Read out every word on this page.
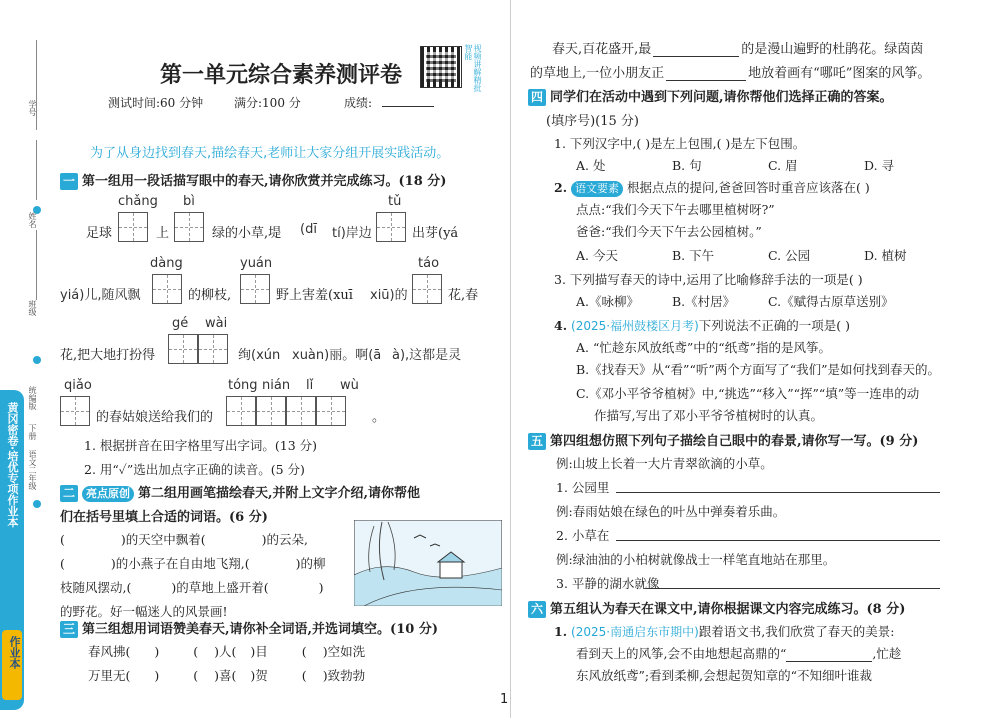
学号
姓名
班级
统编版
下册
语文二年级
黄冈密卷·培优专项作业本
作业本
第一单元综合素养测评卷	视频讲解精批智能
测试时间:60 分钟	满分:100 分	成绩:
为了从身边找到春天,描绘春天,老师让大家分组开展实践活动。
一 第一组用一段话描写眼中的春天,请你欣赏并完成练习。(18 分)
chǎng bì	tǔ
足球	上	绿的小草,堤 (dī tí)岸边	出芽(yá
dàng	yuán	táo
yiá)儿,随风飘	的柳枝,	野上害羞(xuī xiū)的	花,春
gé wài
花,把大地打扮得	绚(xún xuàn)丽。啊(ā à),这都是灵
qiǎo	tóng nián lǐ wù
的春姑娘送给我们的	。
1. 根据拼音在田字格里写出字词。(13 分)
2. 用“✓”选出加点字正确的读音。(5 分)
二 亮点原创 第二组用画笔描绘春天,并附上文字介绍,请你帮他
们在括号里填上合适的词语。(6 分)
(	)的天空中飘着(	)的云朵,
(	)的小燕子在自由地飞翔,(	)的柳
枝随风摆动,(	)的草地上盛开着(	)
的野花。好一幅迷人的风景画!
三 第三组想用词语赞美春天,请你补全词语,并选词填空。(10 分)
春风拂( )	( )人( )目	( )空如洗
万里无( )	( )喜( )贺	( )致勃勃
春天,百花盛开,最	的是漫山遍野的杜鹃花。绿茵茵
的草地上,一位小朋友正	地放着画有“哪吒”图案的风筝。
四 同学们在活动中遇到下列问题,请你帮他们选择正确的答案。
(填序号)(15 分)
1. 下列汉字中,( )是左上包围,( )是左下包围。
A. 处	B. 句	C. 眉	D. 寻
2. 语文要素 根据点点的提问,爸爸回答时重音应该落在( )
点点:“我们今天下午去哪里植树呀?”
爸爸:“我们今天下午去公园植树。”
A. 今天	B. 下午	C. 公园	D. 植树
3. 下列描写春天的诗中,运用了比喻修辞手法的一项是( )
A.《咏柳》	B.《村居》	C.《赋得古原草送别》
4. (2025·福州鼓楼区月考)下列说法不正确的一项是( )
A. “忙趁东风放纸鸢”中的“纸鸢”指的是风筝。
B.《找春天》从“看”“听”两个方面写了“我们”是如何找到春天的。
C.《邓小平爷爷植树》中,“挑选”“移入”“挥”“填”等一连串的动
作描写,写出了邓小平爷爷植树时的认真。
五 第四组想仿照下列句子描绘自己眼中的春景,请你写一写。(9 分)
例:山坡上长着一大片青翠欲滴的小草。
1. 公园里
例:春雨姑娘在绿色的叶丛中弹奏着乐曲。
2. 小草在
例:绿油油的小柏树就像战士一样笔直地站在那里。
3. 平静的湖水就像
六 第五组认为春天在课文中,请你根据课文内容完成练习。(8 分)
1. (2025·南通启东市期中)跟着语文书,我们欣赏了春天的美景:
看到天上的风筝,会不由地想起高鼎的“	,忙趁
东风放纸鸢”;看到柔柳,会想起贺知章的“不知细叶谁裁
1
